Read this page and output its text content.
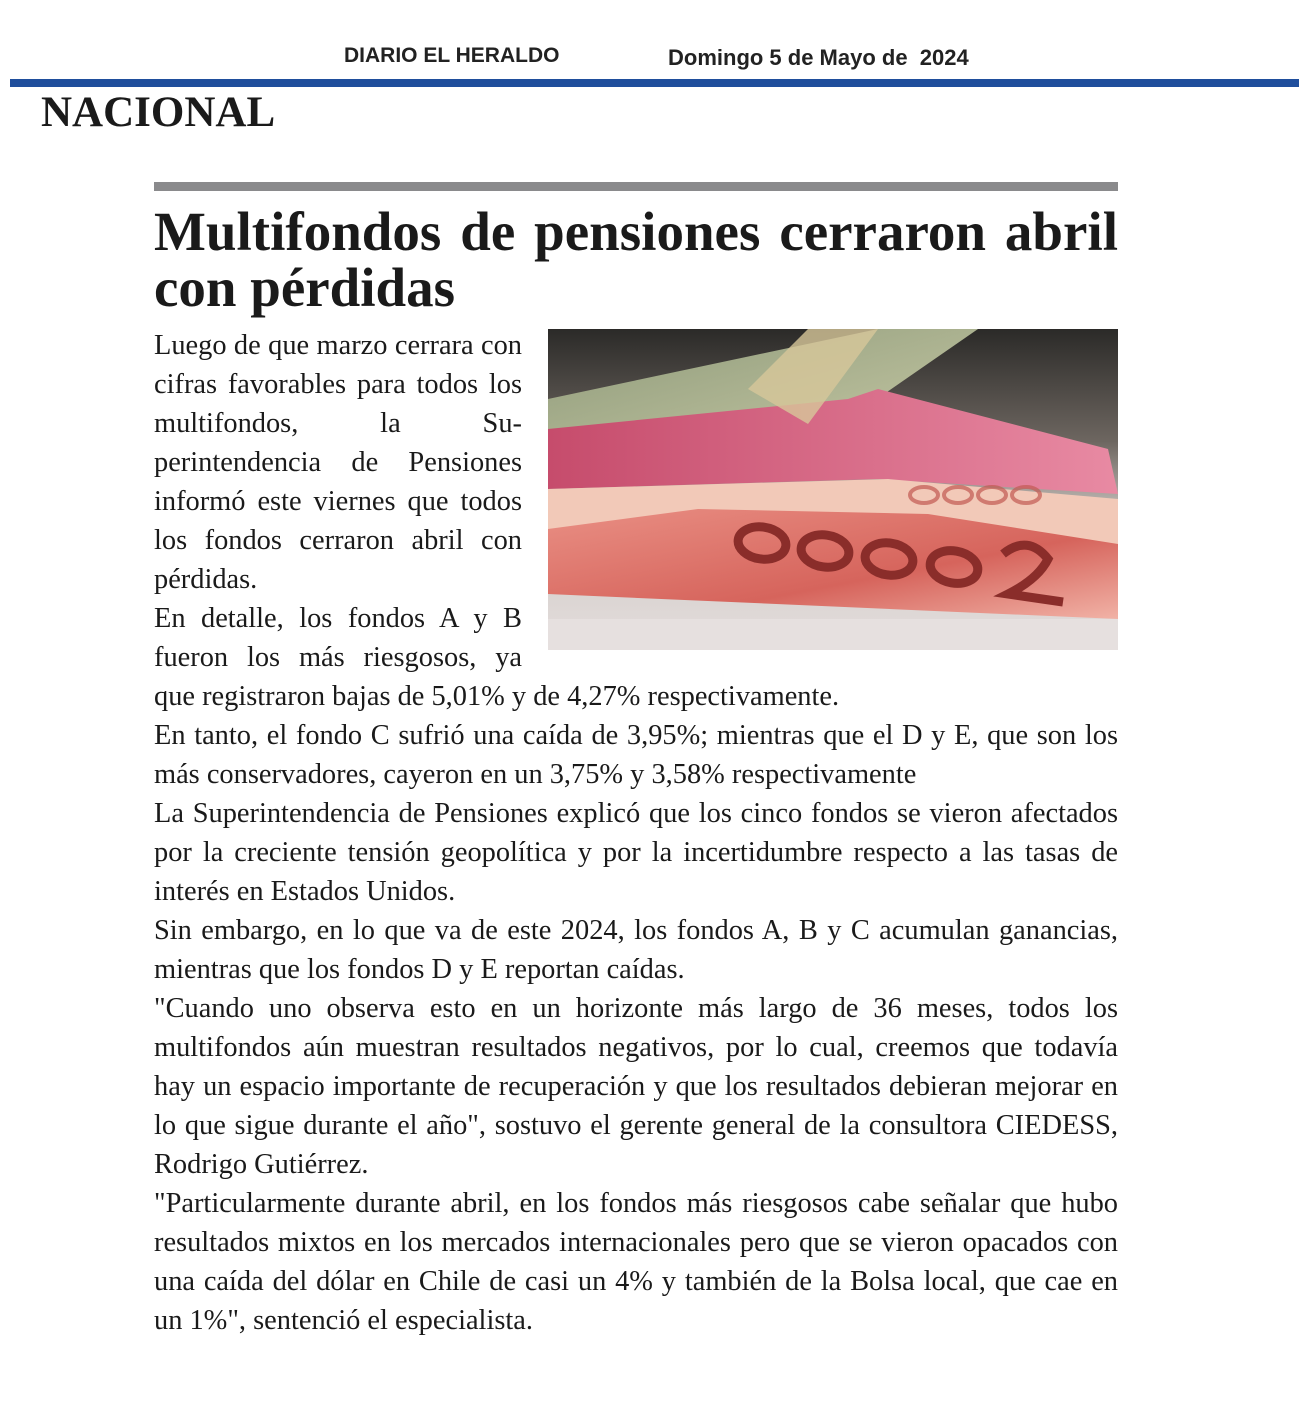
DIARIO EL HERALDO	Domingo 5 de Mayo de  2024
NACIONAL
Multifondos de pensiones cerraron abril con pérdidas

Luego de que marzo cerrara con cifras favorables para todos los multifondos, la Superintendencia de Pensiones informó este viernes que todos los fondos cerraron abril con pérdidas.

En detalle, los fondos A y B fueron los más riesgosos, ya que registraron bajas de 5,01% y de 4,27% respectivamente.

En tanto, el fondo C sufrió una caída de 3,95%; mientras que el D y E, que son los más conservadores, cayeron en un 3,75% y 3,58% respectivamente

La Superintendencia de Pensiones explicó que los cinco fondos se vieron afectados por la creciente tensión geopolítica y por la incertidumbre respecto a las tasas de interés en Estados Unidos.

Sin embargo, en lo que va de este 2024, los fondos A, B y C acumulan ganancias, mientras que los fondos D y E reportan caídas.

"Cuando uno observa esto en un horizonte más largo de 36 meses, todos los multifondos aún muestran resultados negativos, por lo cual, creemos que todavía hay un espacio importante de recuperación y que los resultados debieran mejorar en lo que sigue durante el año", sostuvo el gerente general de la consultora CIEDESS, Rodrigo Gutiérrez.

"Particularmente durante abril, en los fondos más riesgosos cabe señalar que hubo resultados mixtos en los mercados internacionales pero que se vieron opacados con una caída del dólar en Chile de casi un 4% y también de la Bolsa local, que cae en un 1%", sentenció el especialista.
